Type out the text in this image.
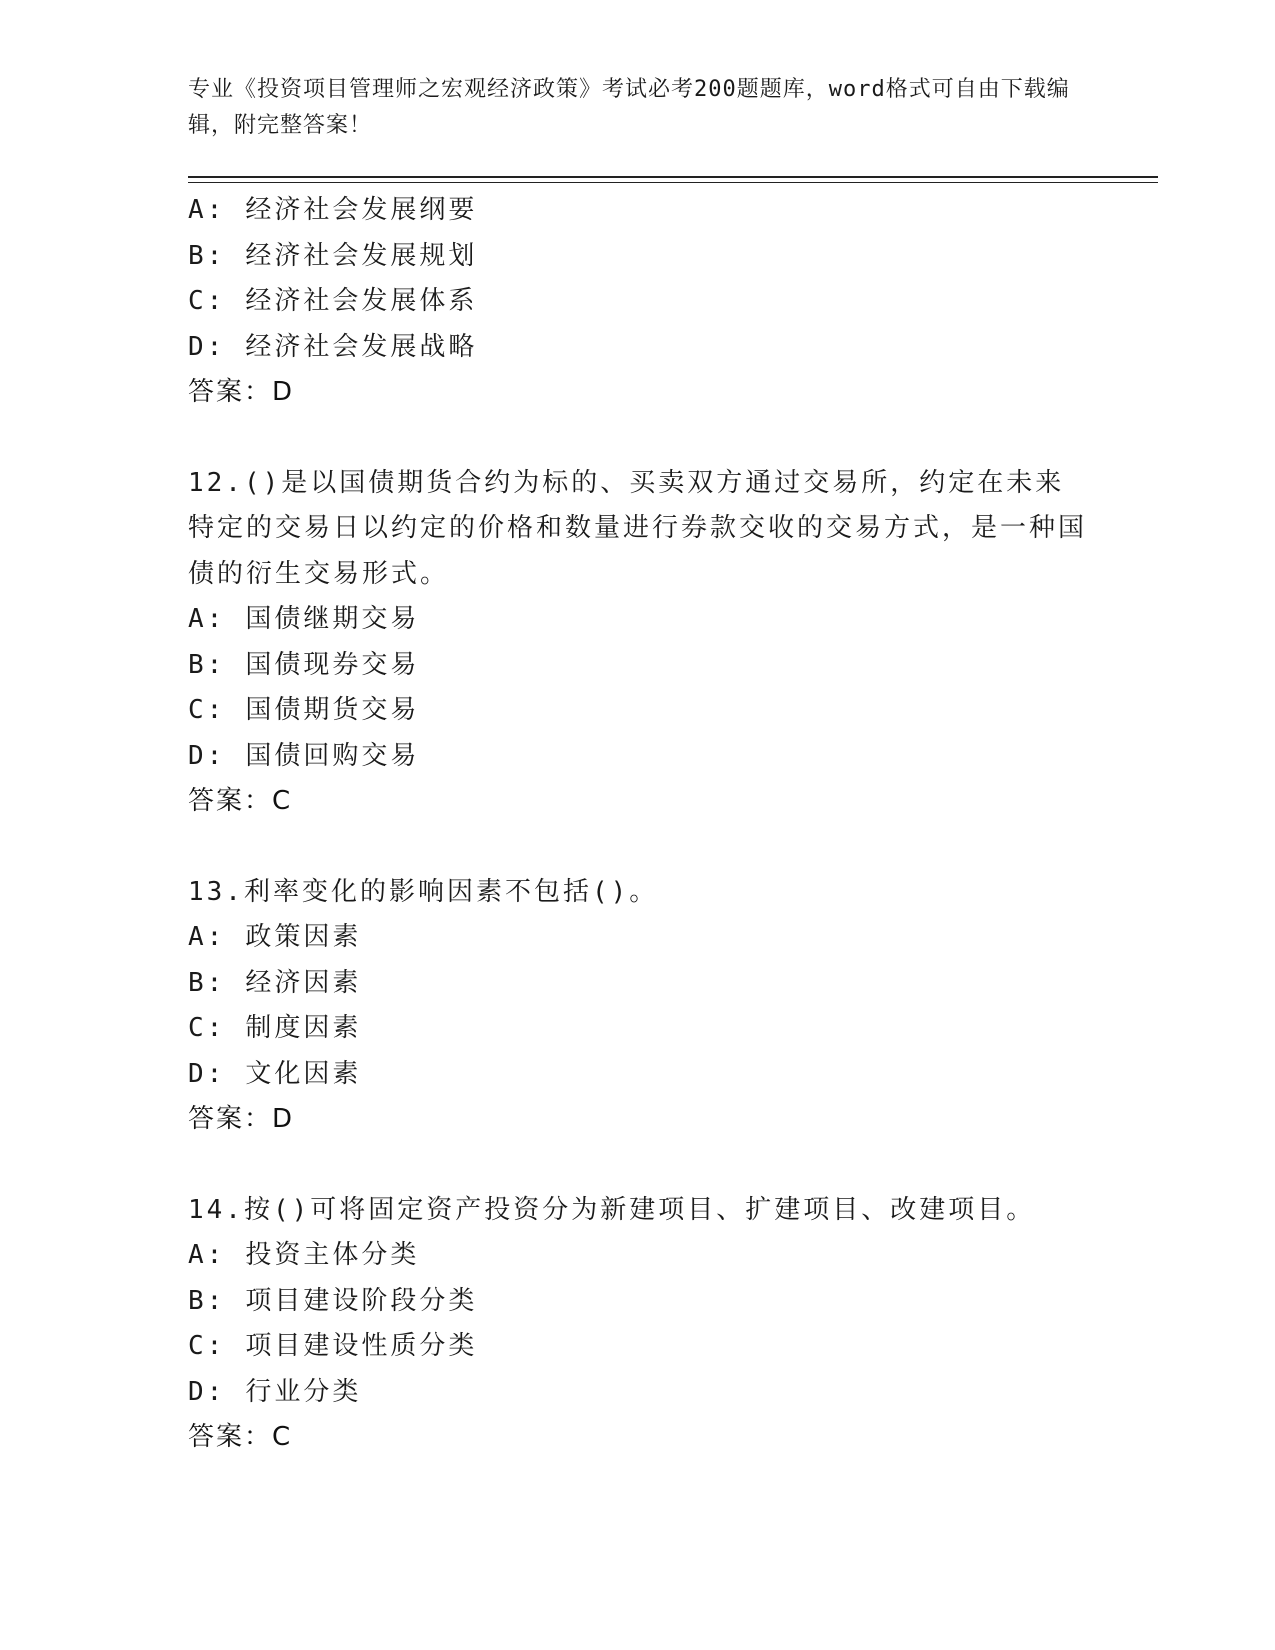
专业《投资项目管理师之宏观经济政策》考试必考200题题库，word格式可自由下载编辑，附完整答案！
A: 经济社会发展纲要
B: 经济社会发展规划
C: 经济社会发展体系
D: 经济社会发展战略
答案：D
12.()是以国债期货合约为标的、买卖双方通过交易所，约定在未来特定的交易日以约定的价格和数量进行券款交收的交易方式，是一种国债的衍生交易形式。
A: 国债继期交易
B: 国债现券交易
C: 国债期货交易
D: 国债回购交易
答案：C
13.利率变化的影响因素不包括()。
A: 政策因素
B: 经济因素
C: 制度因素
D: 文化因素
答案：D
14.按()可将固定资产投资分为新建项目、扩建项目、改建项目。
A: 投资主体分类
B: 项目建设阶段分类
C: 项目建设性质分类
D: 行业分类
答案：C
